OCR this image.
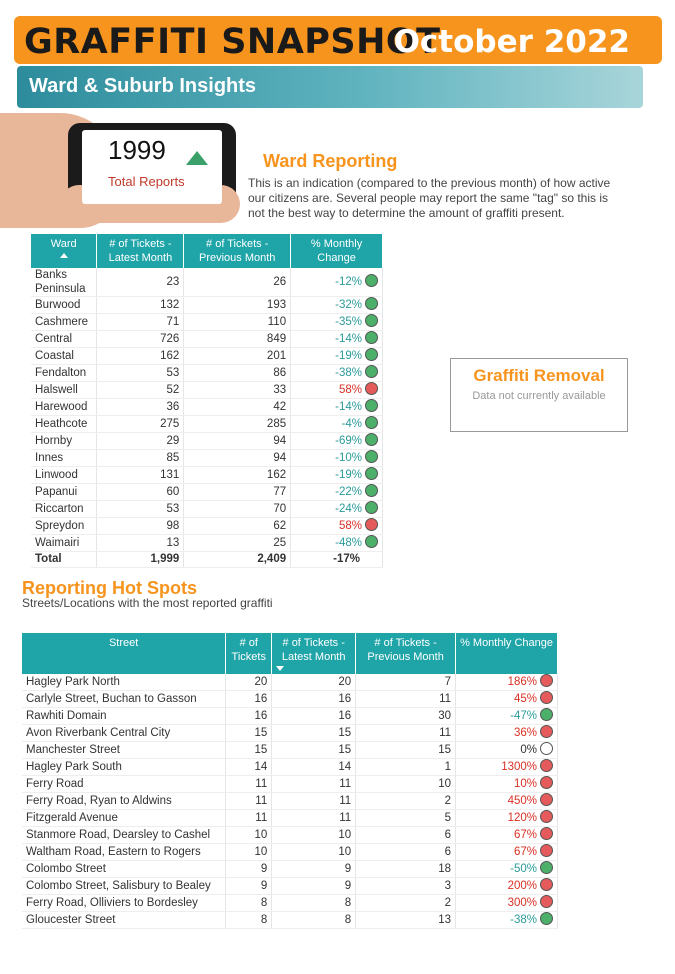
GRAFFITI SNAPSHOT
October 2022
Ward & Suburb Insights
1999
Total Reports
Ward Reporting
This is an indication (compared to the previous month) of how active our citizens are. Several people may report the same "tag" so this is not the best way to determine the amount of graffiti present.
Ward	# of Tickets - Latest Month	# of Tickets - Previous Month	% Monthly Change
Banks Peninsula	23	26	-12%
Burwood	132	193	-32%
Cashmere	71	110	-35%
Central	726	849	-14%
Coastal	162	201	-19%
Fendalton	53	86	-38%
Halswell	52	33	58%
Harewood	36	42	-14%
Heathcote	275	285	-4%
Hornby	29	94	-69%
Innes	85	94	-10%
Linwood	131	162	-19%
Papanui	60	77	-22%
Riccarton	53	70	-24%
Spreydon	98	62	58%
Waimairi	13	25	-48%
Total	1,999	2,409	-17%
Graffiti Removal
Data not currently available
Reporting Hot Spots
Streets/Locations with the most reported graffiti
Street	# of Tickets	# of Tickets - Latest Month	# of Tickets - Previous Month	% Monthly Change
Hagley Park North	20	20	7	186%
Carlyle Street, Buchan to Gasson	16	16	11	45%
Rawhiti Domain	16	16	30	-47%
Avon Riverbank Central City	15	15	11	36%
Manchester Street	15	15	15	0%
Hagley Park South	14	14	1	1300%
Ferry Road	11	11	10	10%
Ferry Road, Ryan to Aldwins	11	11	2	450%
Fitzgerald Avenue	11	11	5	120%
Stanmore Road, Dearsley to Cashel	10	10	6	67%
Waltham Road, Eastern to Rogers	10	10	6	67%
Colombo Street	9	9	18	-50%
Colombo Street, Salisbury to Bealey	9	9	3	200%
Ferry Road, Olliviers to Bordesley	8	8	2	300%
Gloucester Street	8	8	13	-38%
